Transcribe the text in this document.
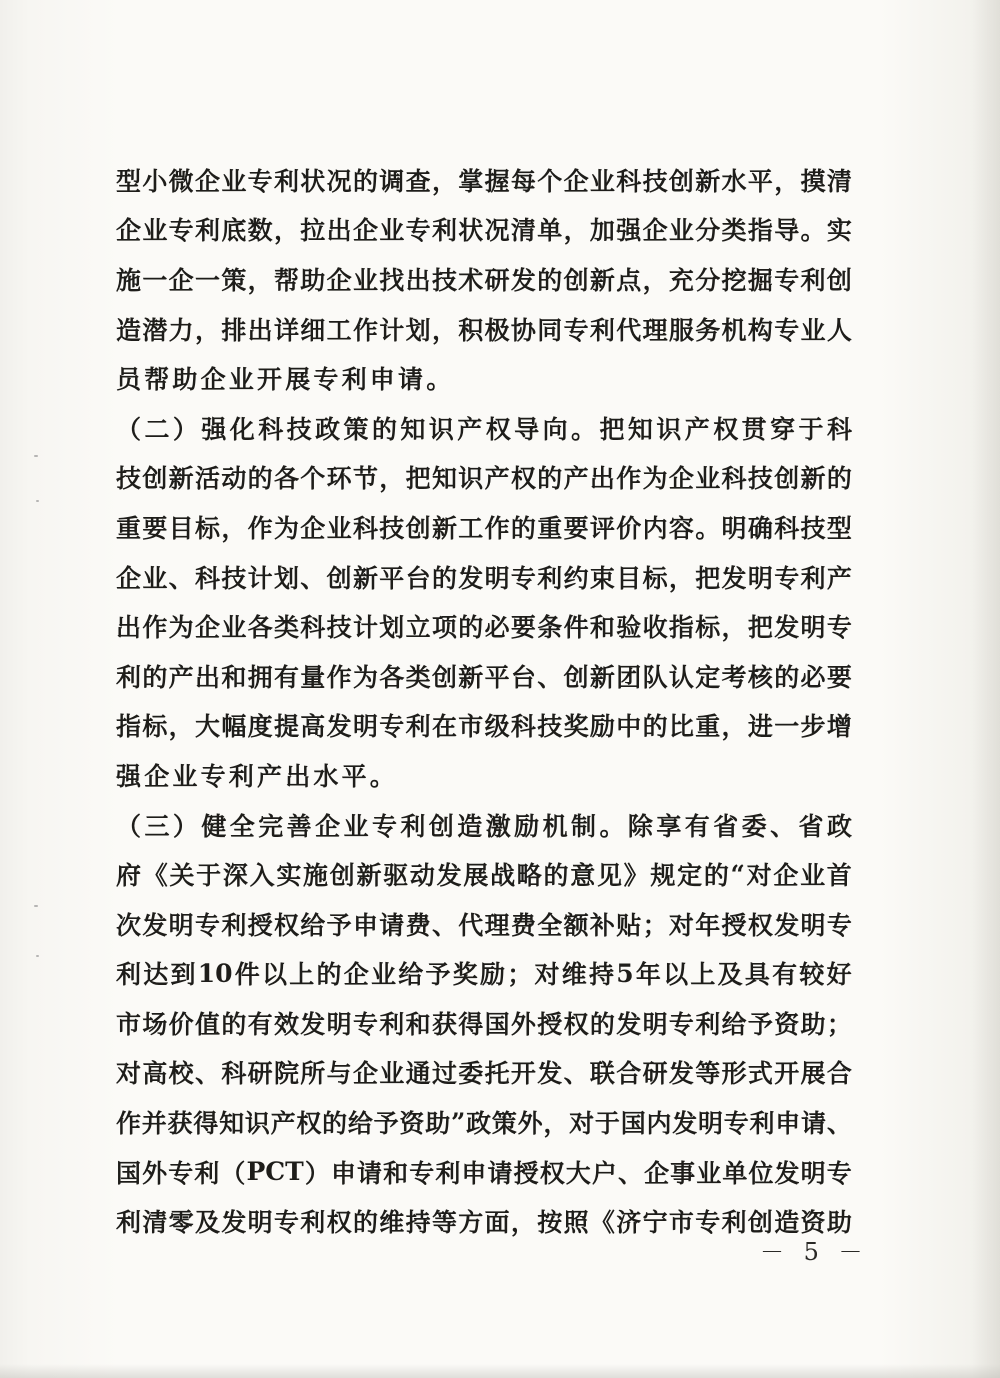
型 小 微 企 业 专 利 状 况 的 调 查 ， 掌 握 每 个 企 业 科 技 创 新 水 平 ， 摸 清
企 业 专 利 底 数 ， 拉 出 企 业 专 利 状 况 清 单 ， 加 强 企 业 分 类 指 导 。 实
施 一 企 一 策 ， 帮 助 企 业 找 出 技 术 研 发 的 创 新 点 ， 充 分 挖 掘 专 利 创
造 潜 力 ， 排 出 详 细 工 作 计 划 ， 积 极 协 同 专 利 代 理 服 务 机 构 专 业 人
员帮助企业开展专利申请。
（ 二 ） 强 化 科 技 政 策 的 知 识 产 权 导 向 。 把 知 识 产 权 贯 穿 于 科
技 创 新 活 动 的 各 个 环 节 ， 把 知 识 产 权 的 产 出 作 为 企 业 科 技 创 新 的
重 要 目 标 ， 作 为 企 业 科 技 创 新 工 作 的 重 要 评 价 内 容 。 明 确 科 技 型
企 业 、 科 技 计 划 、 创 新 平 台 的 发 明 专 利 约 束 目 标 ， 把 发 明 专 利 产
出 作 为 企 业 各 类 科 技 计 划 立 项 的 必 要 条 件 和 验 收 指 标 ， 把 发 明 专
利 的 产 出 和 拥 有 量 作 为 各 类 创 新 平 台 、 创 新 团 队 认 定 考 核 的 必 要
指 标 ， 大 幅 度 提 高 发 明 专 利 在 市 级 科 技 奖 励 中 的 比 重 ， 进 一 步 增
强企业专利产出水平。
（ 三 ） 健 全 完 善 企 业 专 利 创 造 激 励 机 制 。 除 享 有 省 委 、 省 政
府 《 关 于 深 入 实 施 创 新 驱 动 发 展 战 略 的 意 见 》 规 定 的 “ 对 企 业 首
次 发 明 专 利 授 权 给 予 申 请 费 、 代 理 费 全 额 补 贴 ； 对 年 授 权 发 明 专
利 达 到 10 件 以 上 的 企 业 给 予 奖 励 ； 对 维 持 5 年 以 上 及 具 有 较 好
市 场 价 值 的 有 效 发 明 专 利 和 获 得 国 外 授 权 的 发 明 专 利 给 予 资 助 ；
对 高 校 、 科 研 院 所 与 企 业 通 过 委 托 开 发 、 联 合 研 发 等 形 式 开 展 合
作 并 获 得 知 识 产 权 的 给 予 资 助 ” 政 策 外 ， 对 于 国 内 发 明 专 利 申 请 、
国 外 专 利 （ PCT ） 申 请 和 专 利 申 请 授 权 大 户 、 企 事 业 单 位 发 明 专
利 清 零 及 发 明 专 利 权 的 维 持 等 方 面 ， 按 照 《 济 宁 市 专 利 创 造 资 助
－ 5 －
